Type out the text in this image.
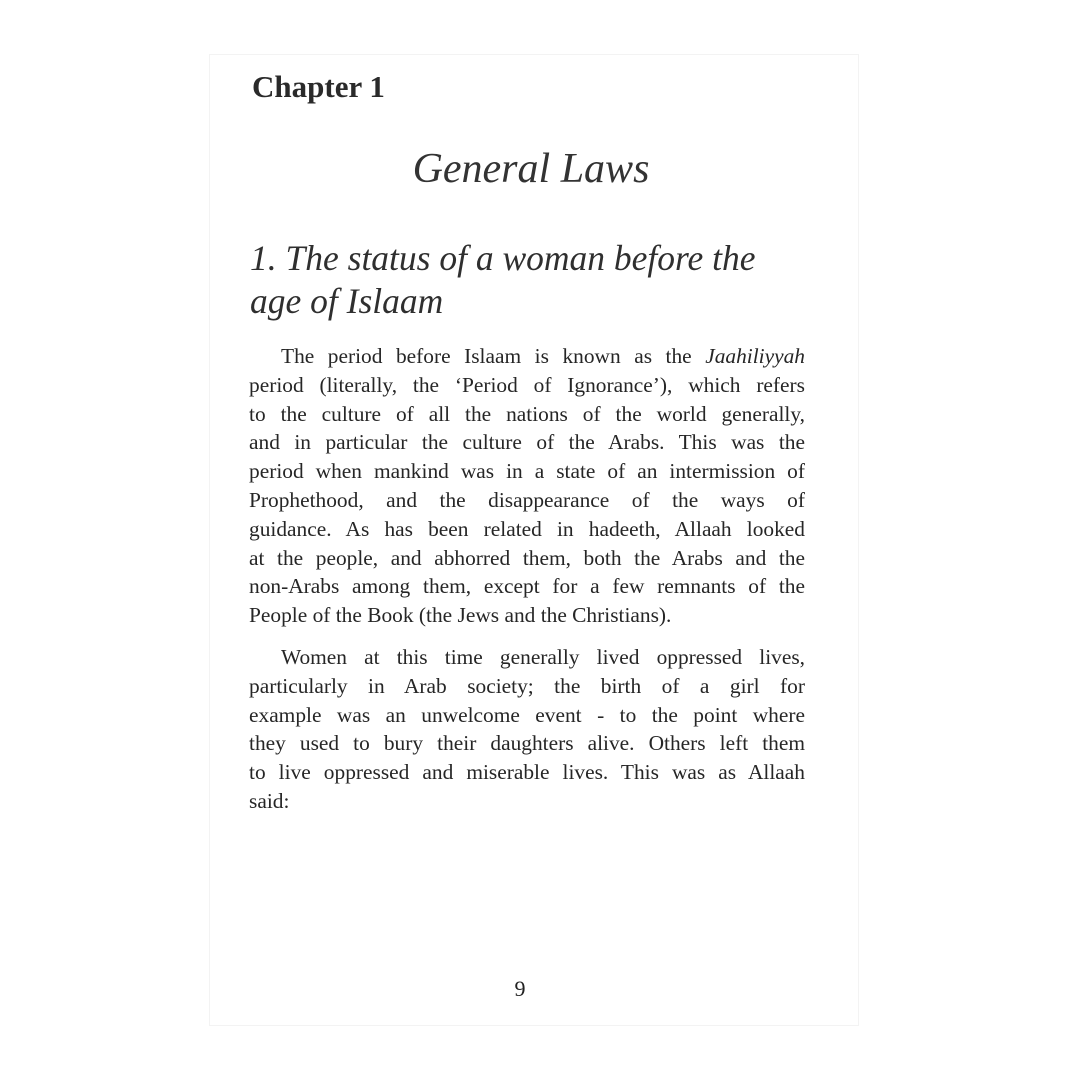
Chapter 1
General Laws
1. The status of a woman before the
age of Islaam
The period before Islaam is known as the Jaahiliyyah
period (literally, the ‘Period of Ignorance’), which refers
to the culture of all the nations of the world generally,
and in particular the culture of the Arabs. This was the
period when mankind was in a state of an intermission of
Prophethood, and the disappearance of the ways of
guidance. As has been related in hadeeth, Allaah looked
at the people, and abhorred them, both the Arabs and the
non-Arabs among them, except for a few remnants of the
People of the Book (the Jews and the Christians).
Women at this time generally lived oppressed lives,
particularly in Arab society; the birth of a girl for
example was an unwelcome event - to the point where
they used to bury their daughters alive. Others left them
to live oppressed and miserable lives. This was as Allaah
said:

9
